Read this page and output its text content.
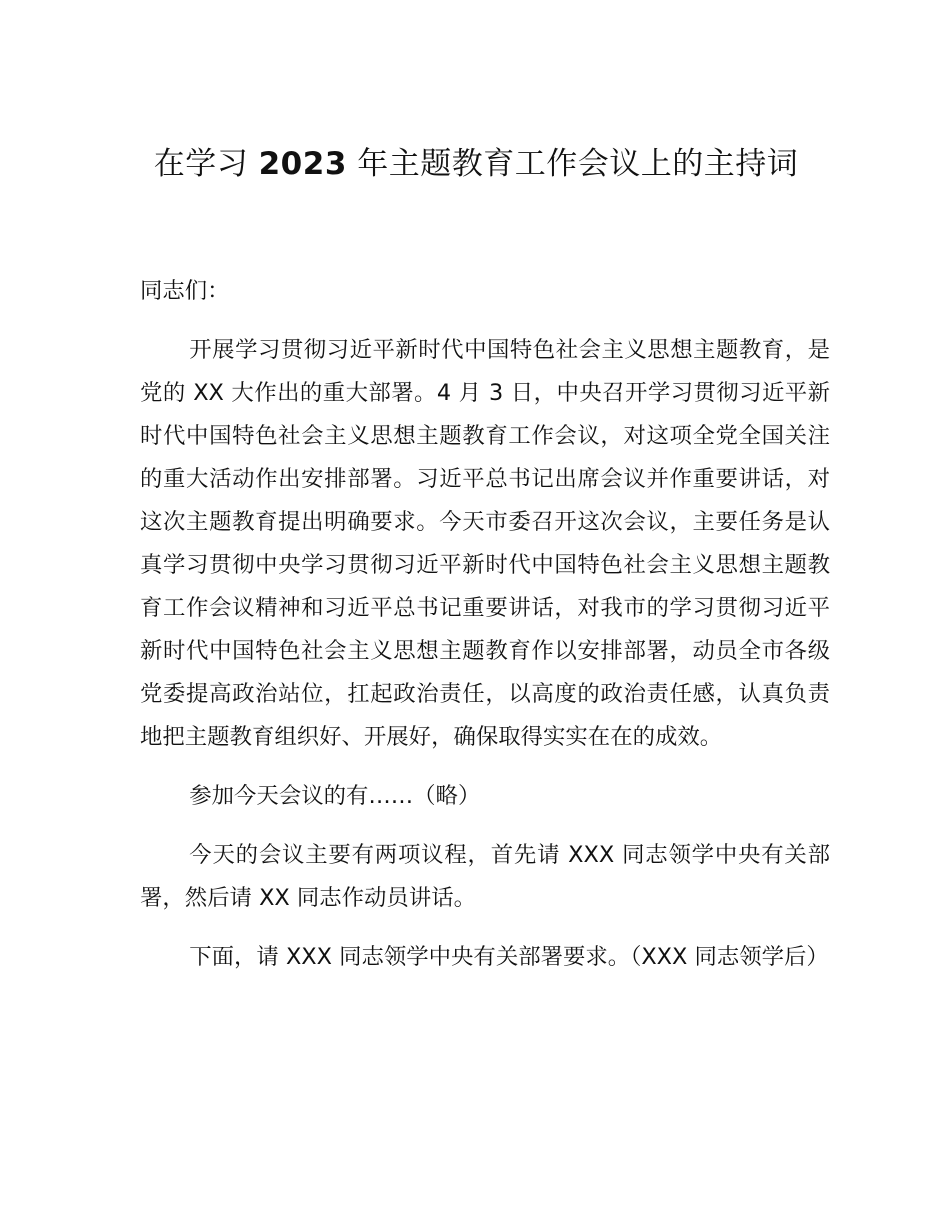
在学习 2023 年主题教育工作会议上的主持词

同志们：

开展学习贯彻习近平新时代中国特色社会主义思想主题教育，是党的 XX 大作出的重大部署。4 月 3 日，中央召开学习贯彻习近平新时代中国特色社会主义思想主题教育工作会议，对这项全党全国关注的重大活动作出安排部署。习近平总书记出席会议并作重要讲话，对这次主题教育提出明确要求。今天市委召开这次会议，主要任务是认真学习贯彻中央学习贯彻习近平新时代中国特色社会主义思想主题教育工作会议精神和习近平总书记重要讲话，对我市的学习贯彻习近平新时代中国特色社会主义思想主题教育作以安排部署，动员全市各级党委提高政治站位，扛起政治责任，以高度的政治责任感，认真负责地把主题教育组织好、开展好，确保取得实实在在的成效。

参加今天会议的有……（略）

今天的会议主要有两项议程，首先请 XXX 同志领学中央有关部署，然后请 XX 同志作动员讲话。

下面，请 XXX 同志领学中央有关部署要求。（XXX 同志领学后）
